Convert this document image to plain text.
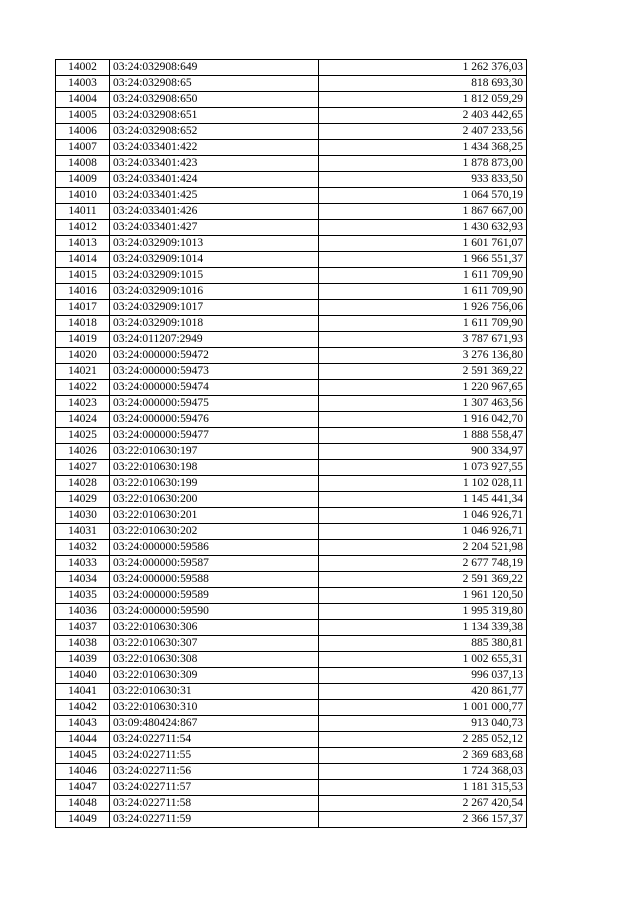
14002	03:24:032908:649	1 262 376,03
14003	03:24:032908:65	818 693,30
14004	03:24:032908:650	1 812 059,29
14005	03:24:032908:651	2 403 442,65
14006	03:24:032908:652	2 407 233,56
14007	03:24:033401:422	1 434 368,25
14008	03:24:033401:423	1 878 873,00
14009	03:24:033401:424	933 833,50
14010	03:24:033401:425	1 064 570,19
14011	03:24:033401:426	1 867 667,00
14012	03:24:033401:427	1 430 632,93
14013	03:24:032909:1013	1 601 761,07
14014	03:24:032909:1014	1 966 551,37
14015	03:24:032909:1015	1 611 709,90
14016	03:24:032909:1016	1 611 709,90
14017	03:24:032909:1017	1 926 756,06
14018	03:24:032909:1018	1 611 709,90
14019	03:24:011207:2949	3 787 671,93
14020	03:24:000000:59472	3 276 136,80
14021	03:24:000000:59473	2 591 369,22
14022	03:24:000000:59474	1 220 967,65
14023	03:24:000000:59475	1 307 463,56
14024	03:24:000000:59476	1 916 042,70
14025	03:24:000000:59477	1 888 558,47
14026	03:22:010630:197	900 334,97
14027	03:22:010630:198	1 073 927,55
14028	03:22:010630:199	1 102 028,11
14029	03:22:010630:200	1 145 441,34
14030	03:22:010630:201	1 046 926,71
14031	03:22:010630:202	1 046 926,71
14032	03:24:000000:59586	2 204 521,98
14033	03:24:000000:59587	2 677 748,19
14034	03:24:000000:59588	2 591 369,22
14035	03:24:000000:59589	1 961 120,50
14036	03:24:000000:59590	1 995 319,80
14037	03:22:010630:306	1 134 339,38
14038	03:22:010630:307	885 380,81
14039	03:22:010630:308	1 002 655,31
14040	03:22:010630:309	996 037,13
14041	03:22:010630:31	420 861,77
14042	03:22:010630:310	1 001 000,77
14043	03:09:480424:867	913 040,73
14044	03:24:022711:54	2 285 052,12
14045	03:24:022711:55	2 369 683,68
14046	03:24:022711:56	1 724 368,03
14047	03:24:022711:57	1 181 315,53
14048	03:24:022711:58	2 267 420,54
14049	03:24:022711:59	2 366 157,37
